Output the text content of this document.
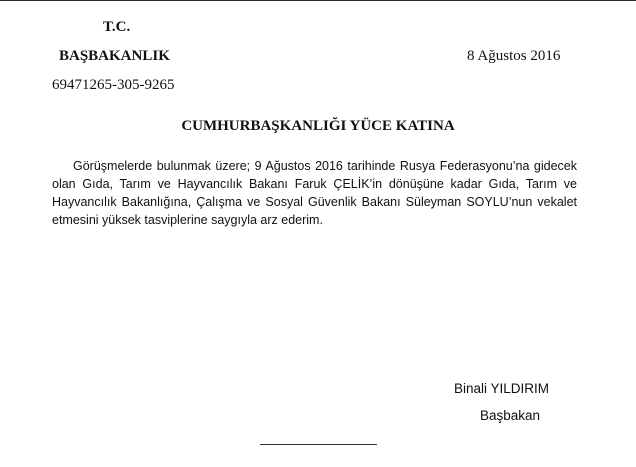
T.C.
BAŞBAKANLIK	8 Ağustos 2016
69471265-305-9265
CUMHURBAŞKANLIĞI YÜCE KATINA

Görüşmelerde bulunmak üzere; 9 Ağustos 2016 tarihinde Rusya Federasyonu’na gidecek olan Gıda, Tarım ve Hayvancılık Bakanı Faruk ÇELİK’in dönüşüne kadar Gıda, Tarım ve Hayvancılık Bakanlığına, Çalışma ve Sosyal Güvenlik Bakanı Süleyman SOYLU’nun vekalet etmesini yüksek tasviplerine saygıyla arz ederim.

Binali YILDIRIM
Başbakan
